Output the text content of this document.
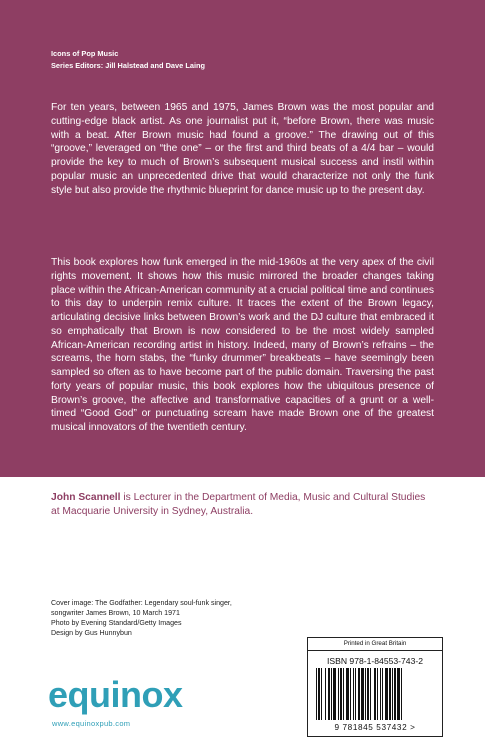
Icons of Pop Music
Series Editors: Jill Halstead and Dave Laing

For ten years, between 1965 and 1975, James Brown was the most popular and cutting-edge black artist. As one journalist put it, “before Brown, there was music with a beat. After Brown music had found a groove.” The drawing out of this “groove,” leveraged on “the one” – or the first and third beats of a 4/4 bar – would provide the key to much of Brown’s subsequent musical success and instil within popular music an unprecedented drive that would characterize not only the funk style but also provide the rhythmic blueprint for dance music up to the present day.

This book explores how funk emerged in the mid-1960s at the very apex of the civil rights movement. It shows how this music mirrored the broader changes taking place within the African-American community at a crucial political time and continues to this day to underpin remix culture. It traces the extent of the Brown legacy, articulating decisive links between Brown’s work and the DJ culture that embraced it so emphatically that Brown is now considered to be the most widely sampled African-American recording artist in history. Indeed, many of Brown’s refrains – the screams, the horn stabs, the “funky drummer” breakbeats – have seemingly been sampled so often as to have become part of the public domain. Traversing the past forty years of popular music, this book explores how the ubiquitous presence of Brown’s groove, the affective and transformative capacities of a grunt or a well-timed “Good God” or punctuating scream have made Brown one of the greatest musical innovators of the twentieth century.

John Scannell is Lecturer in the Department of Media, Music and Cultural Studies at Macquarie University in Sydney, Australia.

Cover image: The Godfather: Legendary soul-funk singer,
songwriter James Brown, 10 March 1971
Photo by Evening Standard/Getty Images
Design by Gus Hunnybun
equinox
www.equinoxpub.com
Printed in Great Britain
ISBN 978-1-84553-743-2
9 781845 537432 >
